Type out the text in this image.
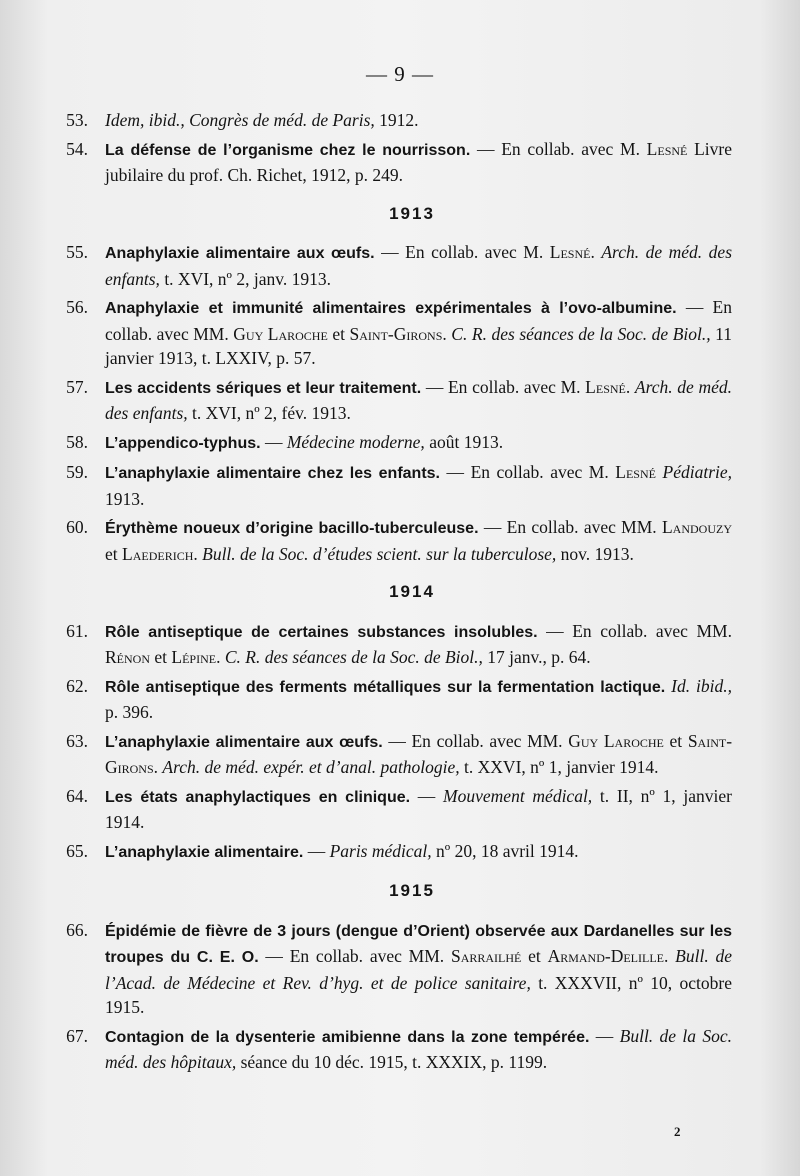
— 9 —
53. Idem, ibid., Congrès de méd. de Paris, 1912.
54. La défense de l’organisme chez le nourrisson. — En collab. avec M. Lesné Livre jubilaire du prof. Ch. Richet, 1912, p. 249.
1913
55. Anaphylaxie alimentaire aux œufs. — En collab. avec M. Lesné. Arch. de méd. des enfants, t. XVI, nº 2, janv. 1913.
56. Anaphylaxie et immunité alimentaires expérimentales à l’ovo-albumine. — En collab. avec MM. Guy Laroche et Saint-Girons. C. R. des séances de la Soc. de Biol., 11 janvier 1913, t. LXXIV, p. 57.
57. Les accidents sériques et leur traitement. — En collab. avec M. Lesné. Arch. de méd. des enfants, t. XVI, nº 2, fév. 1913.
58. L’appendico-typhus. — Médecine moderne, août 1913.
59. L’anaphylaxie alimentaire chez les enfants. — En collab. avec M. Lesné Pédiatrie, 1913.
60. Érythème noueux d’origine bacillo-tuberculeuse. — En collab. avec MM. Landouzy et Laederich. Bull. de la Soc. d’études scient. sur la tuberculose, nov. 1913.
1914
61. Rôle antiseptique de certaines substances insolubles. — En collab. avec MM. Rénon et Lépine. C. R. des séances de la Soc. de Biol., 17 janv., p. 64.
62. Rôle antiseptique des ferments métalliques sur la fermentation lactique. Id. ibid., p. 396.
63. L’anaphylaxie alimentaire aux œufs. — En collab. avec MM. Guy Laroche et Saint-Girons. Arch. de méd. expér. et d’anal. pathologie, t. XXVI, nº 1, janvier 1914.
64. Les états anaphylactiques en clinique. — Mouvement médical, t. II, nº 1, janvier 1914.
65. L’anaphylaxie alimentaire. — Paris médical, nº 20, 18 avril 1914.
1915
66. Épidémie de fièvre de 3 jours (dengue d’Orient) observée aux Dardanelles sur les troupes du C. E. O. — En collab. avec MM. Sarrailhé et Armand-Delille. Bull. de l’Acad. de Médecine et Rev. d’hyg. et de police sanitaire, t. XXXVII, nº 10, octobre 1915.
67. Contagion de la dysenterie amibienne dans la zone tempérée. — Bull. de la Soc. méd. des hôpitaux, séance du 10 déc. 1915, t. XXXIX, p. 1199.
2
